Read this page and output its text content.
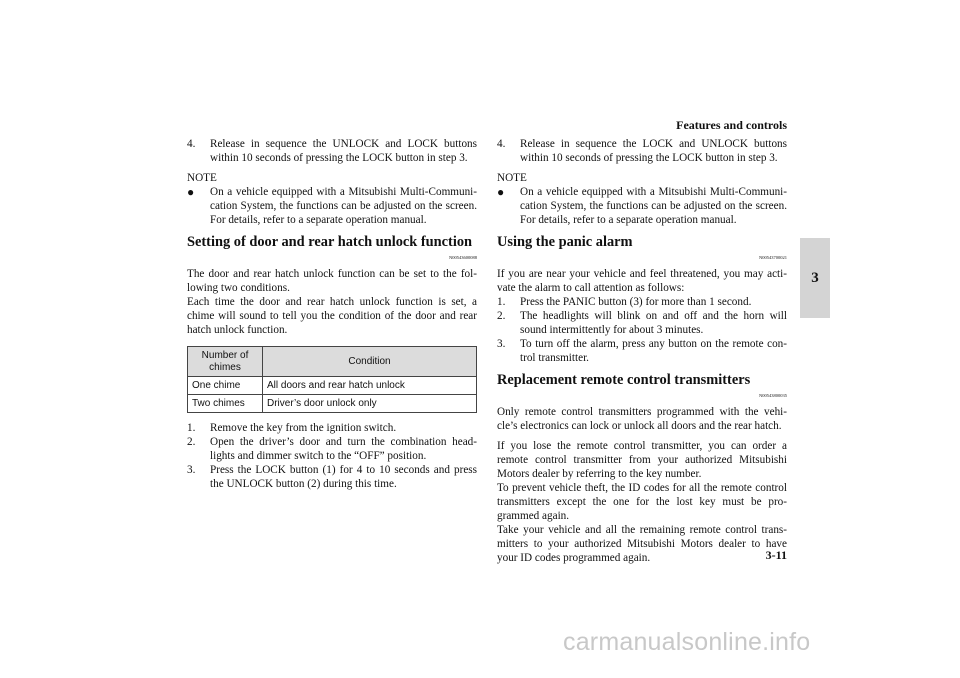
Features and controls
3
4. Release in sequence the UNLOCK and LOCK buttons within 10 seconds of pressing the LOCK button in step 3.

NOTE

● On a vehicle equipped with a Mitsubishi Multi-Communi-cation System, the functions can be adjusted on the screen. For details, refer to a separate operation manual.
Setting of door and rear hatch unlock function
N00543600088

The door and rear hatch unlock function can be set to the fol-lowing two conditions.

Each time the door and rear hatch unlock function is set, a chime will sound to tell you the condition of the door and rear hatch unlock function.

Number of chimes	Condition
One chime	All doors and rear hatch unlock
Two chimes	Driver’s door unlock only
1. Remove the key from the ignition switch.
2. Open the driver’s door and turn the combination head-lights and dimmer switch to the “OFF” position.
3. Press the LOCK button (1) for 4 to 10 seconds and press the UNLOCK button (2) during this time.
4. Release in sequence the LOCK and UNLOCK buttons within 10 seconds of pressing the LOCK button in step 3.

NOTE

● On a vehicle equipped with a Mitsubishi Multi-Communi-cation System, the functions can be adjusted on the screen. For details, refer to a separate operation manual.
Using the panic alarm
N00543700021

If you are near your vehicle and feel threatened, you may acti-vate the alarm to call attention as follows:

1. Press the PANIC button (3) for more than 1 second.
2. The headlights will blink on and off and the horn will sound intermittently for about 3 minutes.
3. To turn off the alarm, press any button on the remote con-trol transmitter.
Replacement remote control transmitters
N00543800035

Only remote control transmitters programmed with the vehi-cle’s electronics can lock or unlock all doors and the rear hatch.

If you lose the remote control transmitter, you can order a remote control transmitter from your authorized Mitsubishi Motors dealer by referring to the key number.

To prevent vehicle theft, the ID codes for all the remote control transmitters except the one for the lost key must be pro-grammed again.

Take your vehicle and all the remaining remote control trans-mitters to your authorized Mitsubishi Motors dealer to have your ID codes programmed again.	3-11
carmanualsonline.info
